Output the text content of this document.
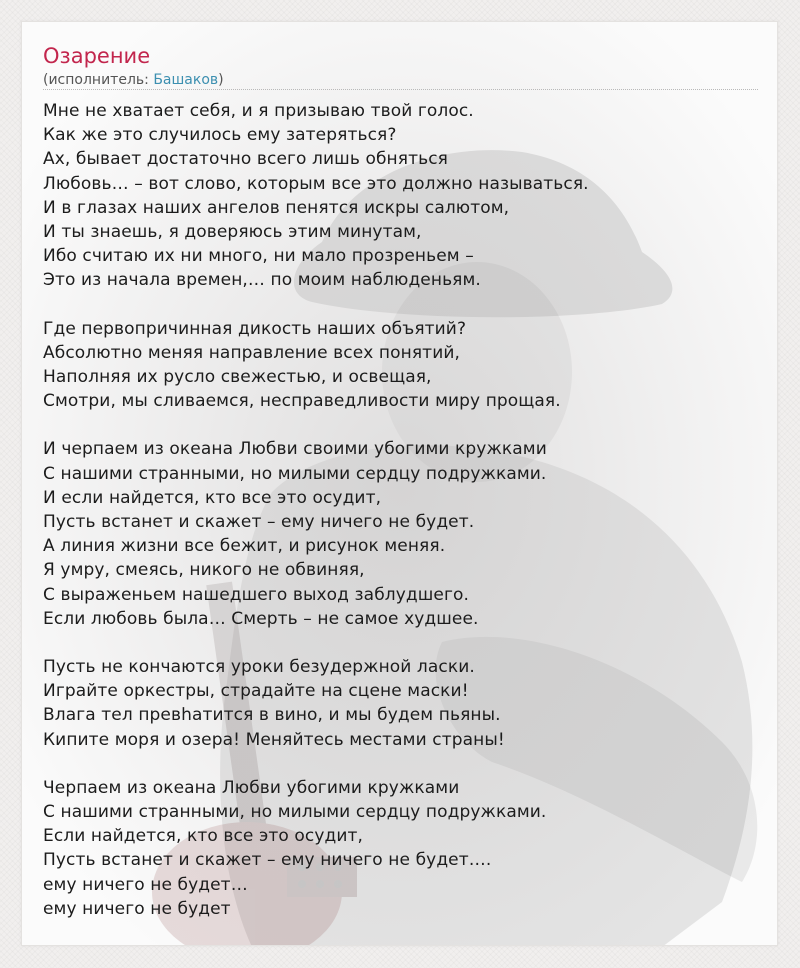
Озарение
(исполнитель: Башаков)
Мне не хватает себя, и я призываю твой голос.
Как же это случилось ему затеряться?
Ах, бывает достаточно всего лишь обняться
Любовь… – вот слово, которым все это должно называться.
И в глазах наших ангелов пенятся искры салютом,
И ты знаешь, я доверяюсь этим минутам,
Ибо считаю их ни много, ни мало прозреньем –
Это из начала времен,… по моим наблюденьям.
Где первопричинная дикость наших объятий?
Абсолютно меняя направление всех понятий,
Наполняя их русло свежестью, и освещая,
Смотри, мы сливаемся, несправедливости миру прощая.
И черпаем из океана Любви своими убогими кружками
С нашими странными, но милыми сердцу подружками.
И если найдется, кто все это осудит,
Пусть встанет и скажет – ему ничего не будет.
А линия жизни все бежит, и рисунок меняя.
Я умру, смеясь, никого не обвиняя,
С выраженьем нашедшего выход заблудшего.
Если любовь была… Смерть – не самое худшее.
Пусть не кончаются уроки безудержной ласки.
Играйте оркестры, страдайте на сцене маски!
Влага тел превһатится в вино, и мы будем пьяны.
Кипите моря и озера! Меняйтесь местами страны!
Черпаем из океана Любви убогими кружками
С нашими странными, но милыми сердцу подружками.
Если найдется, кто все это осудит,
Пусть встанет и скажет – ему ничего не будет….
ему ничего не будет…
ему ничего не будет
